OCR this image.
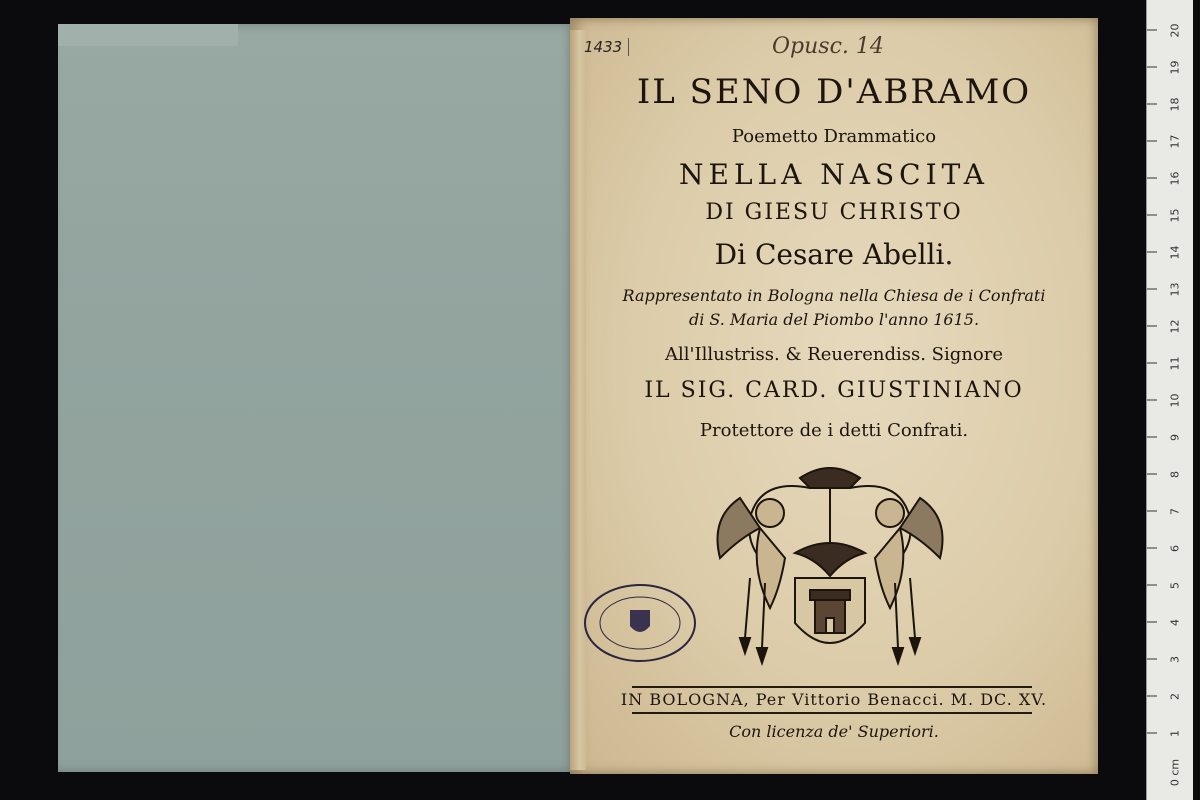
1433	Opusc. 14
IL SENO D'ABRAMO
Poemetto Drammatico
NELLA NASCITA
DI GIESU CHRISTO
Di Cesare Abelli.
Rappresentato in Bologna nella Chiesa de i Confrati
di S. Maria del Piombo l'anno 1615.
All'Illustriss. & Reuerendiss. Signore
IL SIG. CARD. GIUSTINIANO
Protettore de i detti Confrati.
IN BOLOGNA, Per Vittorio Benacci. M. DC. XV.
Con licenza de' Superiori.
20
19
18
17
16
15
14
13
12
11
10
9
8
7
6
5
4
3
2
1
0 cm
